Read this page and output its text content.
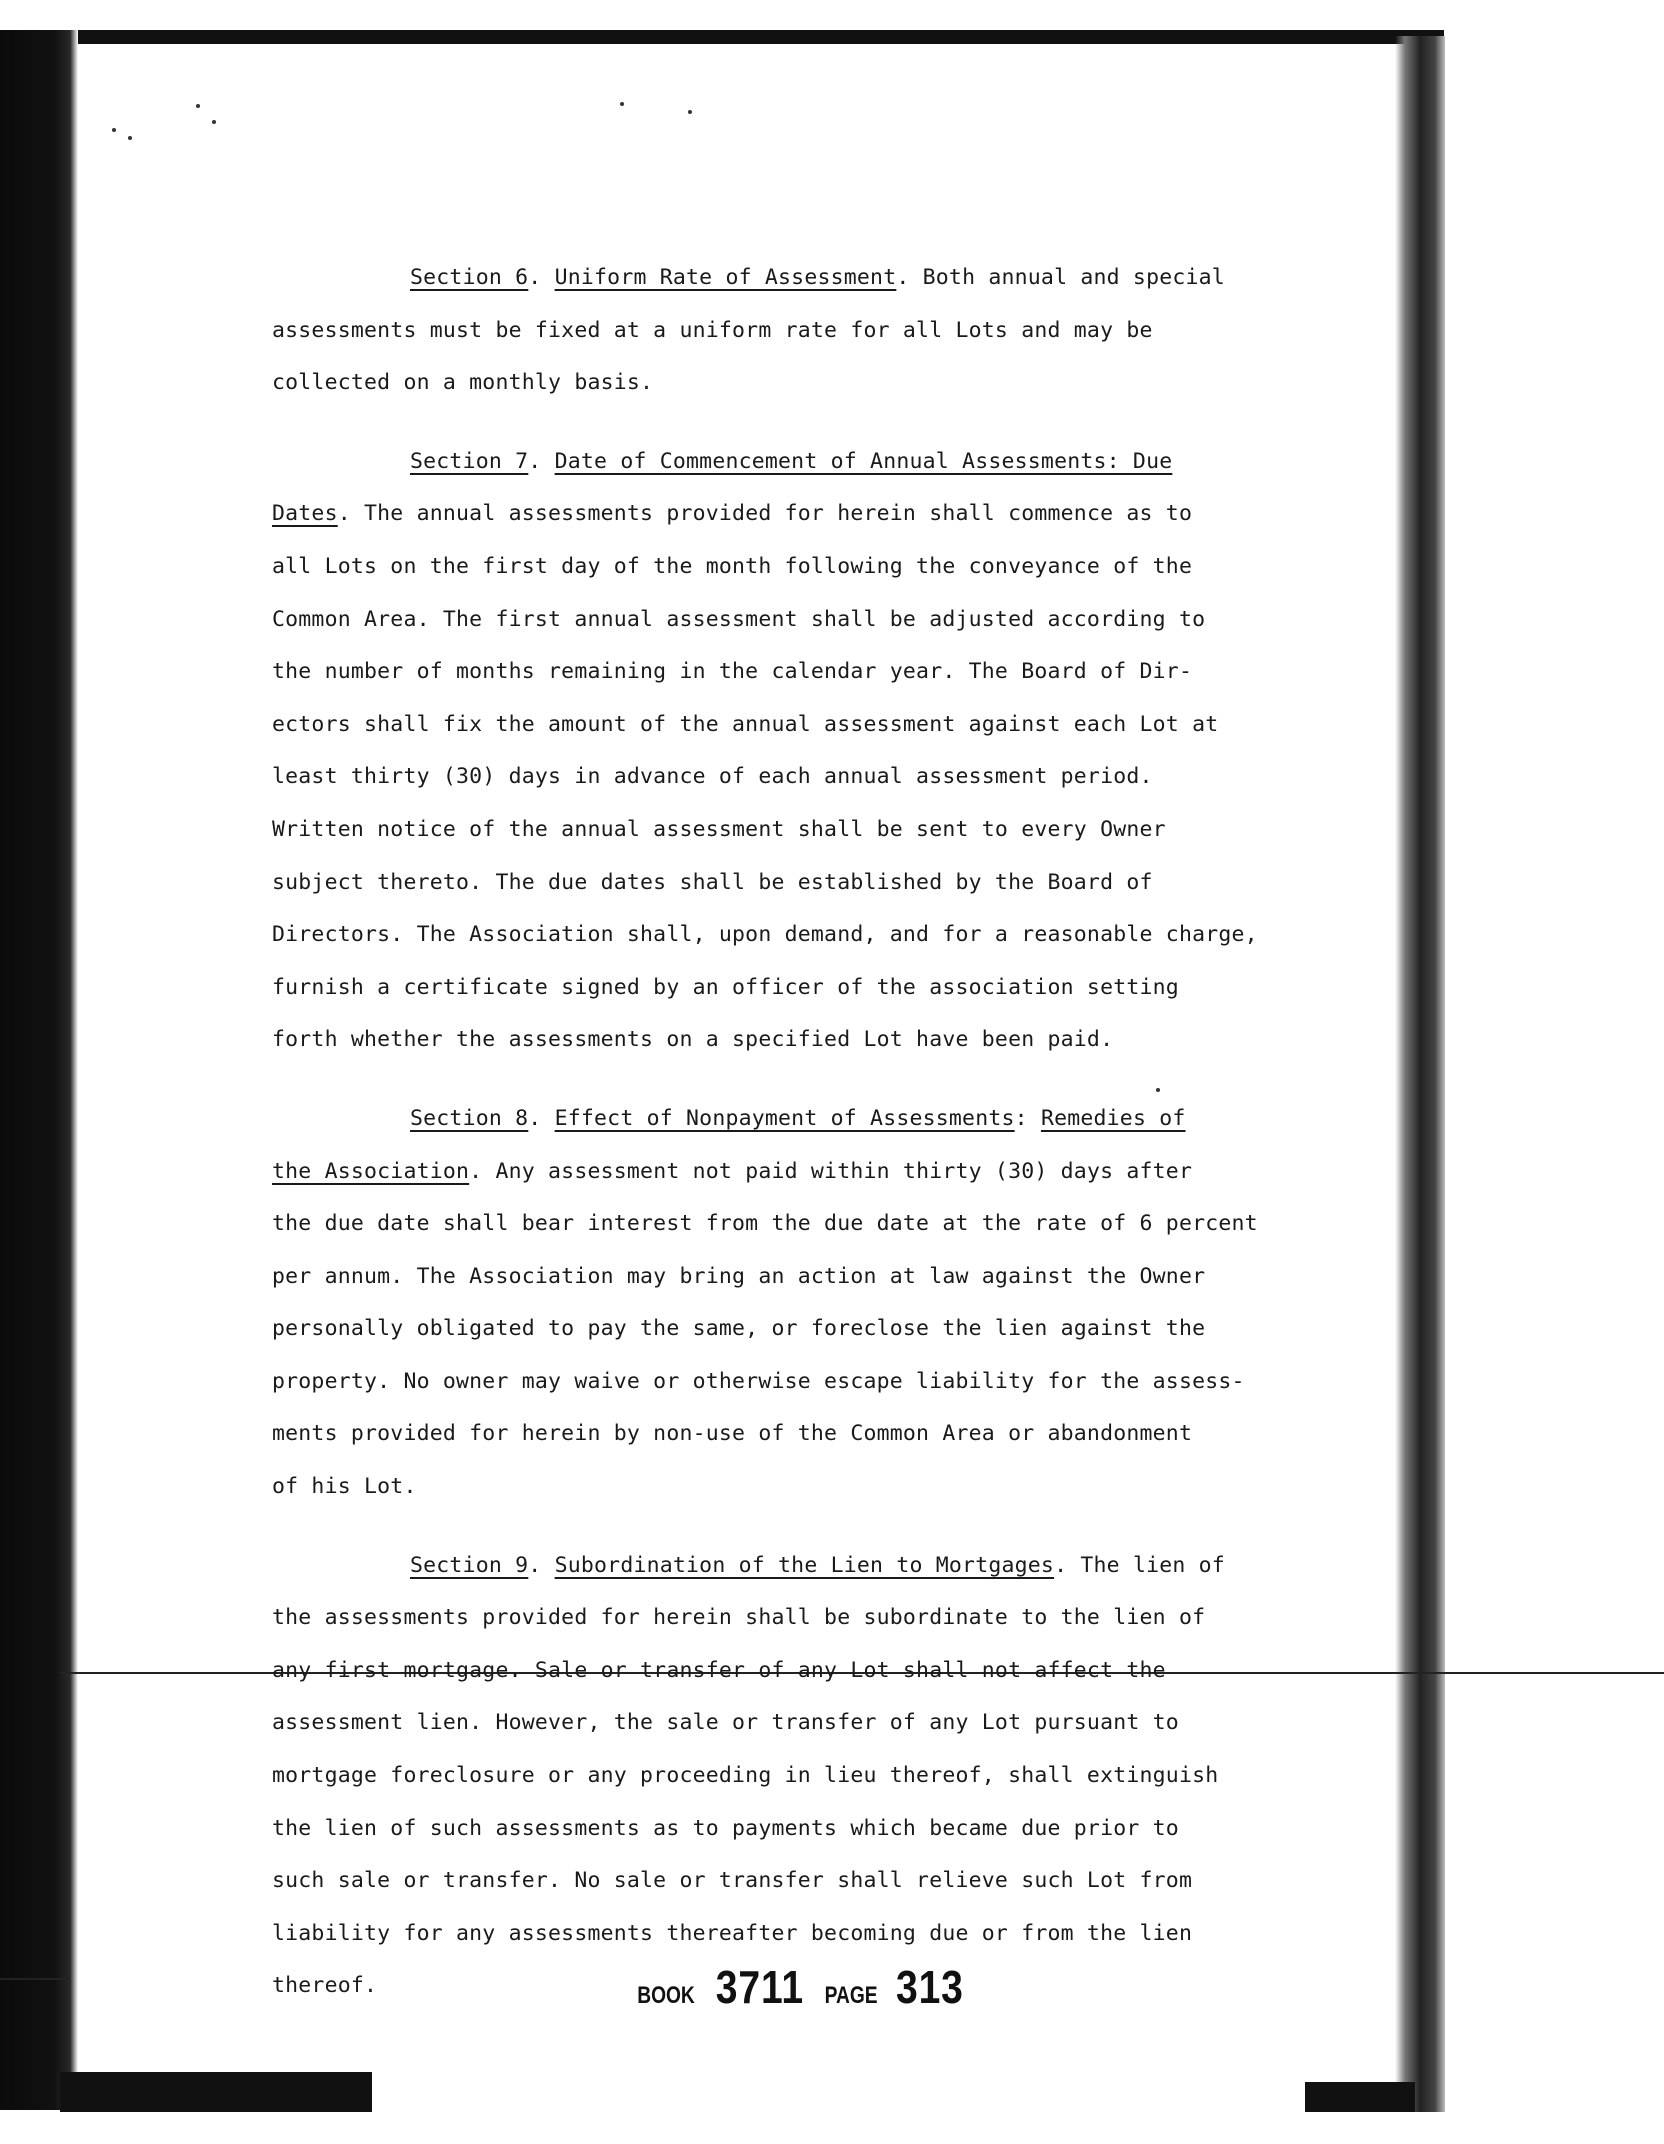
Section 6. Uniform Rate of Assessment. Both annual and special
assessments must be fixed at a uniform rate for all Lots and may be
collected on a monthly basis.
Section 7. Date of Commencement of Annual Assessments: Due
Dates. The annual assessments provided for herein shall commence as to
all Lots on the first day of the month following the conveyance of the
Common Area. The first annual assessment shall be adjusted according to
the number of months remaining in the calendar year. The Board of Dir-
ectors shall fix the amount of the annual assessment against each Lot at
least thirty (30) days in advance of each annual assessment period.
Written notice of the annual assessment shall be sent to every Owner
subject thereto. The due dates shall be established by the Board of
Directors. The Association shall, upon demand, and for a reasonable charge,
furnish a certificate signed by an officer of the association setting
forth whether the assessments on a specified Lot have been paid.
Section 8. Effect of Nonpayment of Assessments: Remedies of
the Association. Any assessment not paid within thirty (30) days after
the due date shall bear interest from the due date at the rate of 6 percent
per annum. The Association may bring an action at law against the Owner
personally obligated to pay the same, or foreclose the lien against the
property. No owner may waive or otherwise escape liability for the assess-
ments provided for herein by non-use of the Common Area or abandonment
of his Lot.
Section 9. Subordination of the Lien to Mortgages. The lien of
the assessments provided for herein shall be subordinate to the lien of
any first mortgage. Sale or transfer of any Lot shall not affect the
assessment lien. However, the sale or transfer of any Lot pursuant to
mortgage foreclosure or any proceeding in lieu thereof, shall extinguish
the lien of such assessments as to payments which became due prior to
such sale or transfer. No sale or transfer shall relieve such Lot from
liability for any assessments thereafter becoming due or from the lien
thereof.	BOOK 3711 PAGE 313
